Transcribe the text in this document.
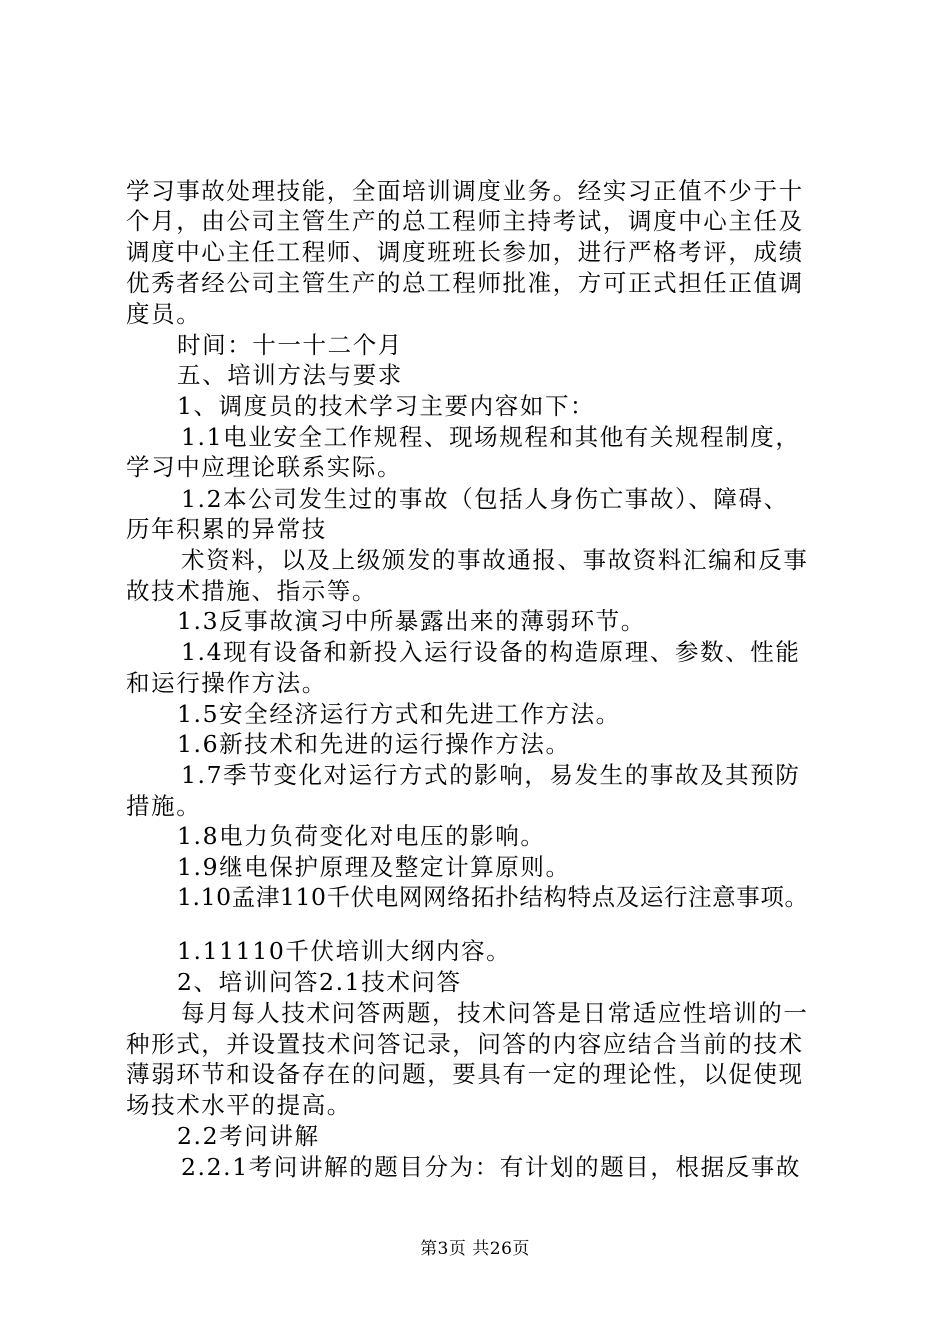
学习事故处理技能，全面培训调度业务。经实习正值不少于十
个月，由公司主管生产的总工程师主持考试，调度中心主任及
调度中心主任工程师、调度班班长参加，进行严格考评，成绩
优秀者经公司主管生产的总工程师批准，方可正式担任正值调
度员。
时间：十一十二个月
五、培训方法与要求
1、调度员的技术学习主要内容如下：
1.1电业安全工作规程、现场规程和其他有关规程制度，
学习中应理论联系实际。
1.2本公司发生过的事故（包括人身伤亡事故）、障碍、
历年积累的异常技
术资料，以及上级颁发的事故通报、事故资料汇编和反事
故技术措施、指示等。
1.3反事故演习中所暴露出来的薄弱环节。
1.4现有设备和新投入运行设备的构造原理、参数、性能
和运行操作方法。
1.5安全经济运行方式和先进工作方法。
1.6新技术和先进的运行操作方法。
1.7季节变化对运行方式的影响，易发生的事故及其预防
措施。
1.8电力负荷变化对电压的影响。
1.9继电保护原理及整定计算原则。
1.10孟津110千伏电网网络拓扑结构特点及运行注意事项。
1.11110千伏培训大纲内容。
2、培训问答2.1技术问答
每月每人技术问答两题，技术问答是日常适应性培训的一
种形式，并设置技术问答记录，问答的内容应结合当前的技术
薄弱环节和设备存在的问题，要具有一定的理论性，以促使现
场技术水平的提高。
2.2考问讲解
2.2.1考问讲解的题目分为：有计划的题目，根据反事故
第3页 共26页
